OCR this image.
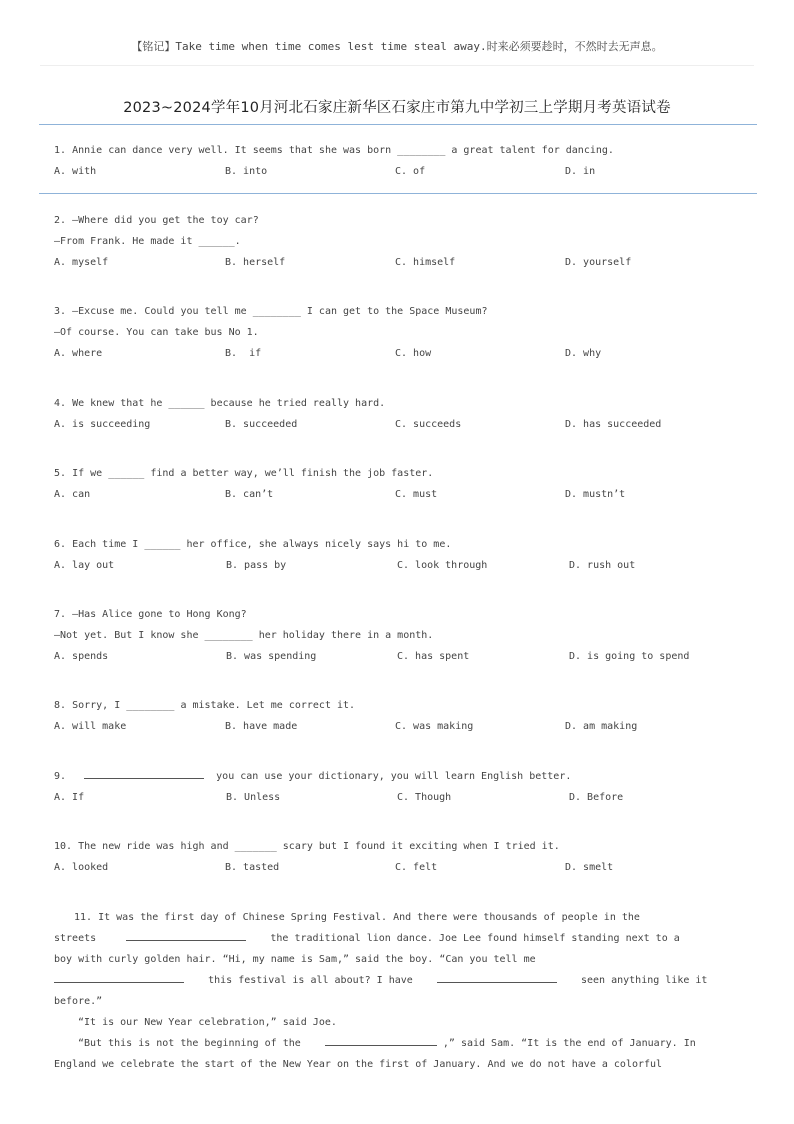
【铭记】Take time when time comes lest time steal away.时来必须要趁时，不然时去无声息。
2023~2024学年10月河北石家庄新华区石家庄市第九中学初三上学期月考英语试卷
1. Annie can dance very well. It seems that she was born ________ a great talent for dancing.
A. with	B. into	C. of	D. in
2. —Where did you get the toy car?
—From Frank. He made it ______.
A. myself	B. herself	C. himself	D. yourself
3. —Excuse me. Could you tell me ________ I can get to the Space Museum?
—Of course. You can take bus No 1.
A. where	B.  if	C. how	D. why
4. We knew that he ______ because he tried really hard.
A. is succeeding	B. succeeded	C. succeeds	D. has succeeded
5. If we ______ find a better way, we’ll finish the job faster.
A. can	B. can’t	C. must	D. mustn’t
6. Each time I ______ her office, she always nicely says hi to me.
A. lay out	B. pass by	C. look through	D. rush out
7. —Has Alice gone to Hong Kong?
—Not yet. But I know she ________ her holiday there in a month.
A. spends	B. was spending	C. has spent	D. is going to spend
8. Sorry, I ________ a mistake. Let me correct it.
A. will make	B. have made	C. was making	D. am making
9.	you can use your dictionary, you will learn English better.
A. If	B. Unless	C. Though	D. Before
10. The new ride was high and _______ scary but I found it exciting when I tried it.
A. looked	B. tasted	C. felt	D. smelt
11. It was the first day of Chinese Spring Festival. And there were thousands of people in the
streets	the traditional lion dance. Joe Lee found himself standing next to a
boy with curly golden hair. “Hi, my name is Sam,” said the boy. “Can you tell me
this festival is all about? I have	seen anything like it
before.”
“It is our New Year celebration,” said Joe.
“But this is not the beginning of the	,” said Sam. “It is the end of January. In
England we celebrate the start of the New Year on the first of January. And we do not have a colorful
